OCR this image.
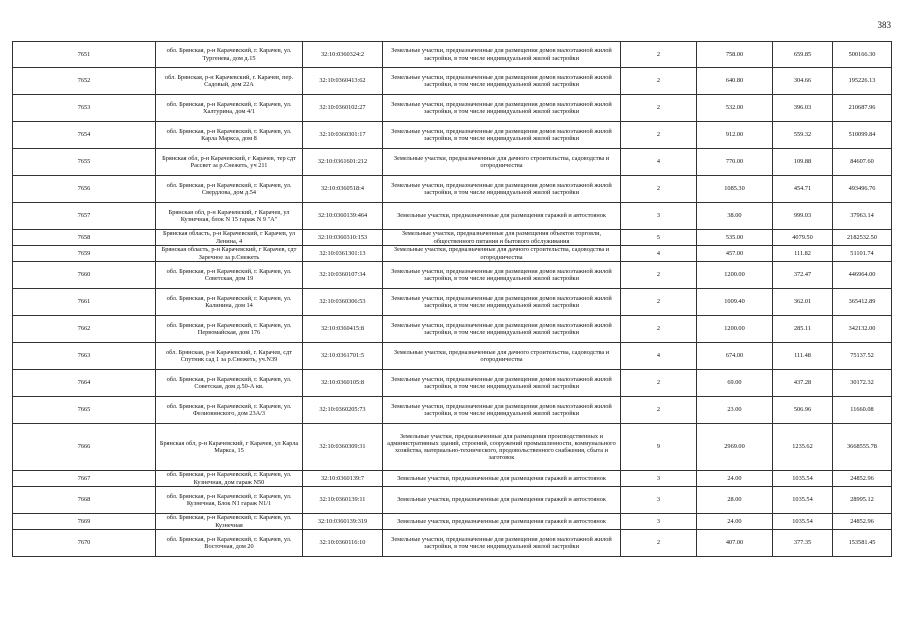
383
7651	обл. Брянская, р-н Карачевский, г. Карачев, ул. Тургенева, дом д.15	32:10:0360324:2	Земельные участки, предназначенные для размещения домов малоэтажной жилой застройки, в том числе индивидуальной жилой застройки	2	758.00	659.85	500166.30
7652	обл. Брянская, р-н Карачевский, г. Карачев, пер. Садовый, дом 22А	32:10:0360413:62	Земельные участки, предназначенные для размещения домов малоэтажной жилой застройки, в том числе индивидуальной жилой застройки	2	640.80	304.66	195226.13
7653	обл. Брянская, р-н Карачевский, г. Карачев, ул. Халтурина, дом 4/1	32:10:0360102:27	Земельные участки, предназначенные для размещения домов малоэтажной жилой застройки, в том числе индивидуальной жилой застройки	2	532.00	396.03	210687.96
7654	обл. Брянская, р-н Карачевский, г. Карачев, ул. Карла Маркса, дом 8	32:10:0360301:17	Земельные участки, предназначенные для размещения домов малоэтажной жилой застройки, в том числе индивидуальной жилой застройки	2	912.00	559.32	510099.84
7655	Брянская обл, р-н Карачевский, г Карачев, тер сдт Рассвет за р.Снежеть, уч 211	32:10:0361601:212	Земельные участки, предназначенные для дачного строительства, садоводства и огородничества	4	770.00	109.88	84607.60
7656	обл. Брянская, р-н Карачевский, г. Карачев, ул. Свердлова, дом д.54	32:10:0360518:4	Земельные участки, предназначенные для размещения домов малоэтажной жилой застройки, в том числе индивидуальной жилой застройки	2	1085.30	454.71	493496.76
7657	Брянская обл, р-н Карачевский, г Карачев, ул Кузнечная, блок N 15 гараж N 9 "А"	32:10:0360139:464	Земельные участки, предназначенные для размещения гаражей и автостоянок	3	38.00	999.03	37963.14
7658	Брянская область, р-н Карачевский, г Карачев, ул Ленина, 4	32:10:0360310:153	Земельные участки, предназначенные для размещения объектов торговли, общественного питания и бытового обслуживания	5	535.00	4079.50	2182532.50
7659	Брянская область, р-н Карачевский, г Карачев, сдт Заречное за р.Снежеть	32:10:0361301:13	Земельные участки, предназначенные для дачного строительства, садоводства и огородничества	4	457.00	111.82	51101.74
7660	обл. Брянская, р-н Карачевский, г. Карачев, ул. Советская, дом 19	32:10:0360107:34	Земельные участки, предназначенные для размещения домов малоэтажной жилой застройки, в том числе индивидуальной жилой застройки	2	1200.00	372.47	446964.00
7661	обл. Брянская, р-н Карачевский, г. Карачев, ул. Калинина, дом 14	32:10:0360306:53	Земельные участки, предназначенные для размещения домов малоэтажной жилой застройки, в том числе индивидуальной жилой застройки	2	1009.40	362.01	365412.89
7662	обл. Брянская, р-н Карачевский, г. Карачев, ул. Первомайская, дом 176	32:10:0360415:8	Земельные участки, предназначенные для размещения домов малоэтажной жилой застройки, в том числе индивидуальной жилой застройки	2	1200.00	285.11	342132.00
7663	обл. Брянская, р-н Карачевский, г. Карачев, сдт Спутник сад 1 за р.Снежеть, уч.N39	32:10:0361701:5	Земельные участки, предназначенные для дачного строительства, садоводства и огородничества	4	674.00	111.48	75137.52
7664	обл. Брянская, р-н Карачевский, г. Карачев, ул. Советская, дом д.50-А кв.	32:10:0360105:8	Земельные участки, предназначенные для размещения домов малоэтажной жилой застройки, в том числе индивидуальной жилой застройки	2	69.00	437.28	30172.32
7665	обл. Брянская, р-н Карачевский, г. Карачев, ул. Фелиовинского, дом 23А/3	32:10:0360205:73	Земельные участки, предназначенные для размещения домов малоэтажной жилой застройки, в том числе индивидуальной жилой застройки	2	23.00	506.96	11660.08
7666	Брянская обл, р-н Карачевский, г Карачев, ул Карла Маркса, 15	32:10:0360309:31	Земельные участки, предназначенные для размещения производственных и административных зданий, строений, сооружений промышленности, коммунального хозяйства, материально-технического, продовольственного снабжения, сбыта и заготовок	9	2969.00	1235.62	3668555.78
7667	обл. Брянская, р-н Карачевский, г. Карачев, ул. Кузнечная, дом гараж N50	32:10:0360139:7	Земельные участки, предназначенные для размещения гаражей и автостоянок	3	24.00	1035.54	24852.96
7668	обл. Брянская, р-н Карачевский, г. Карачев, ул. Кузнечная, Блок N1 гараж N1/1	32:10:0360139:11	Земельные участки, предназначенные для размещения гаражей и автостоянок	3	28.00	1035.54	28995.12
7669	обл. Брянская, р-н Карачевский, г. Карачев, ул. Кузнечная	32:10:0360139:319	Земельные участки, предназначенные для размещения гаражей и автостоянок	3	24.00	1035.54	24852.96
7670	обл. Брянская, р-н Карачевский, г. Карачев, ул. Восточная, дом 20	32:10:0360116:10	Земельные участки, предназначенные для размещения домов малоэтажной жилой застройки, в том числе индивидуальной жилой застройки	2	407.00	377.35	153581.45
